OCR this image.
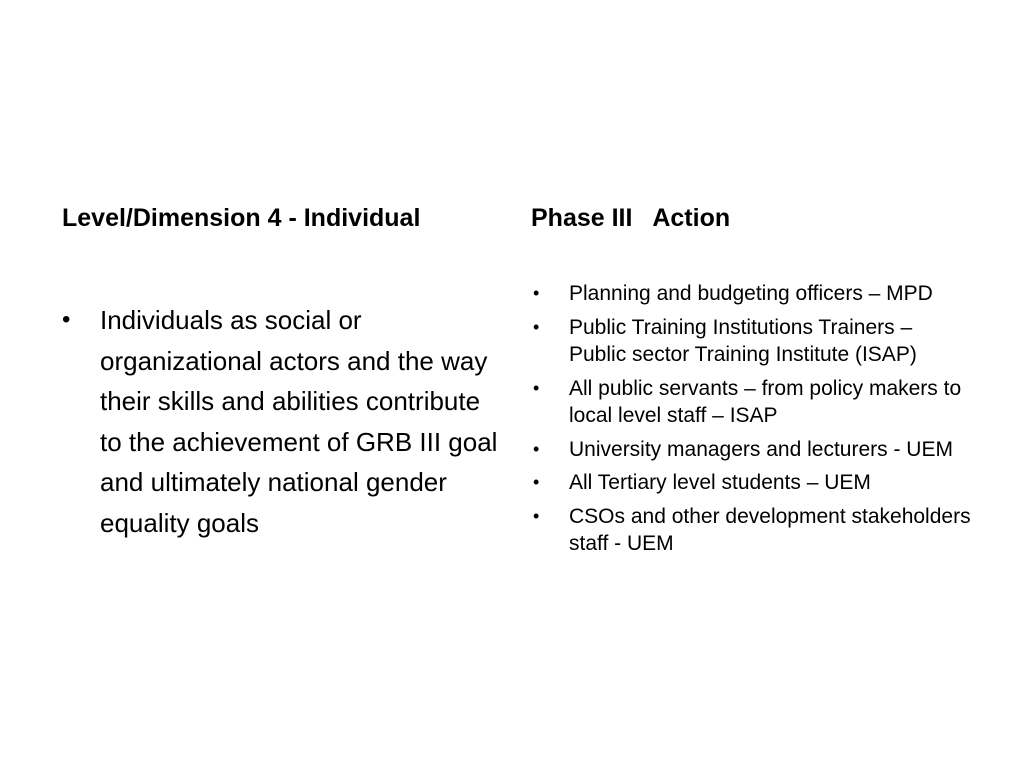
Level/Dimension 4 - Individual
• Individuals as social or organizational actors and the way their skills and abilities contribute to the achievement of GRB III goal and ultimately national gender equality goals
Phase III   Action
• Planning and budgeting officers – MPD
• Public Training Institutions Trainers – Public sector Training Institute (ISAP)
• All public servants – from policy makers to local level staff – ISAP
• University managers and lecturers - UEM
• All Tertiary level students – UEM
• CSOs and other development stakeholders staff - UEM
